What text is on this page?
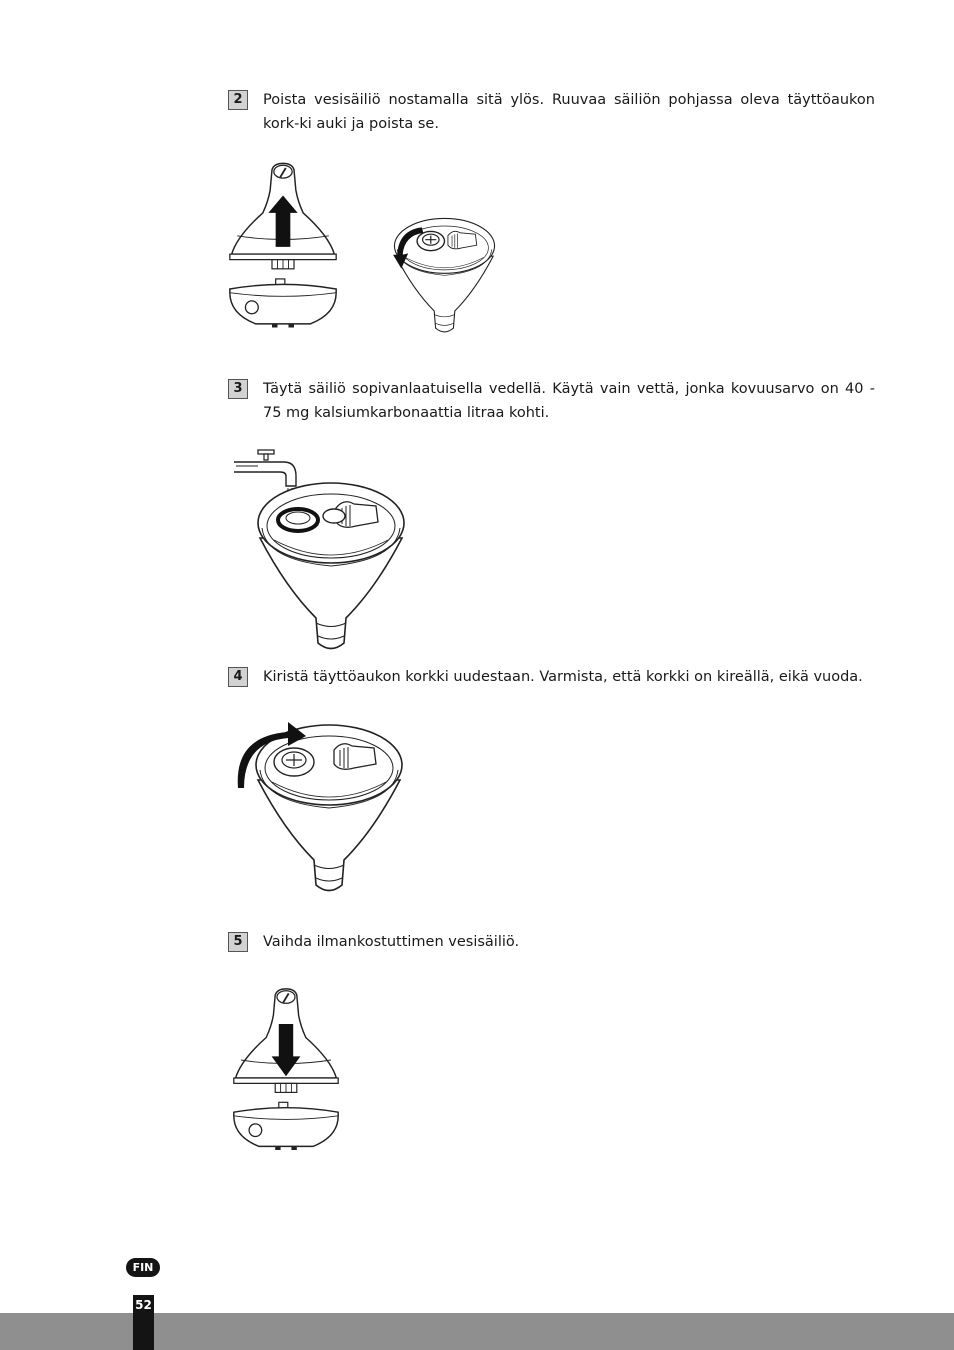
2	Poista vesisäiliö nostamalla sitä ylös. Ruuvaa säiliön pohjassa oleva täyttöaukon kork-ki auki ja poista se.
3	Täytä säiliö sopivanlaatuisella vedellä. Käytä vain vettä, jonka kovuusarvo on 40 - 75 mg kalsiumkarbonaattia litraa kohti.
4	Kiristä täyttöaukon korkki uudestaan. Varmista, että korkki on kireällä, eikä vuoda.
5	Vaihda ilmankostuttimen vesisäiliö.
FIN
52
